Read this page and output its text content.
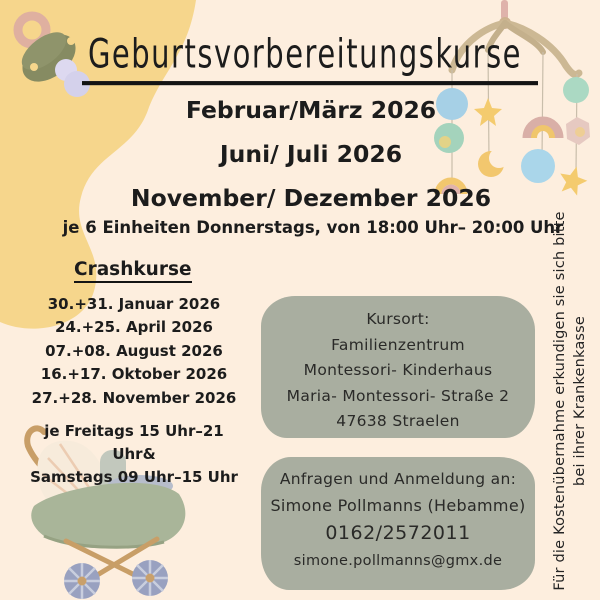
Geburtsvorbereitungskurse
Februar/März 2026
Juni/ Juli 2026
November/ Dezember 2026
je 6 Einheiten Donnerstags, von 18:00 Uhr– 20:00 Uhr
Crashkurse
30.+31. Januar 2026
24.+25. April 2026
07.+08. August 2026
16.+17. Oktober 2026
27.+28. November 2026
je Freitags 15 Uhr–21 Uhr&
Samstags 09 Uhr–15 Uhr
Kursort:
Familienzentrum
Montessori- Kinderhaus
Maria- Montessori- Straße 2
47638 Straelen
Anfragen und Anmeldung an:
Simone Pollmanns (Hebamme)
0162/2572011
simone.pollmanns@gmx.de	Für die Kostenübernahme erkundigen sie sich bitte bei ihrer Krankenkasse
